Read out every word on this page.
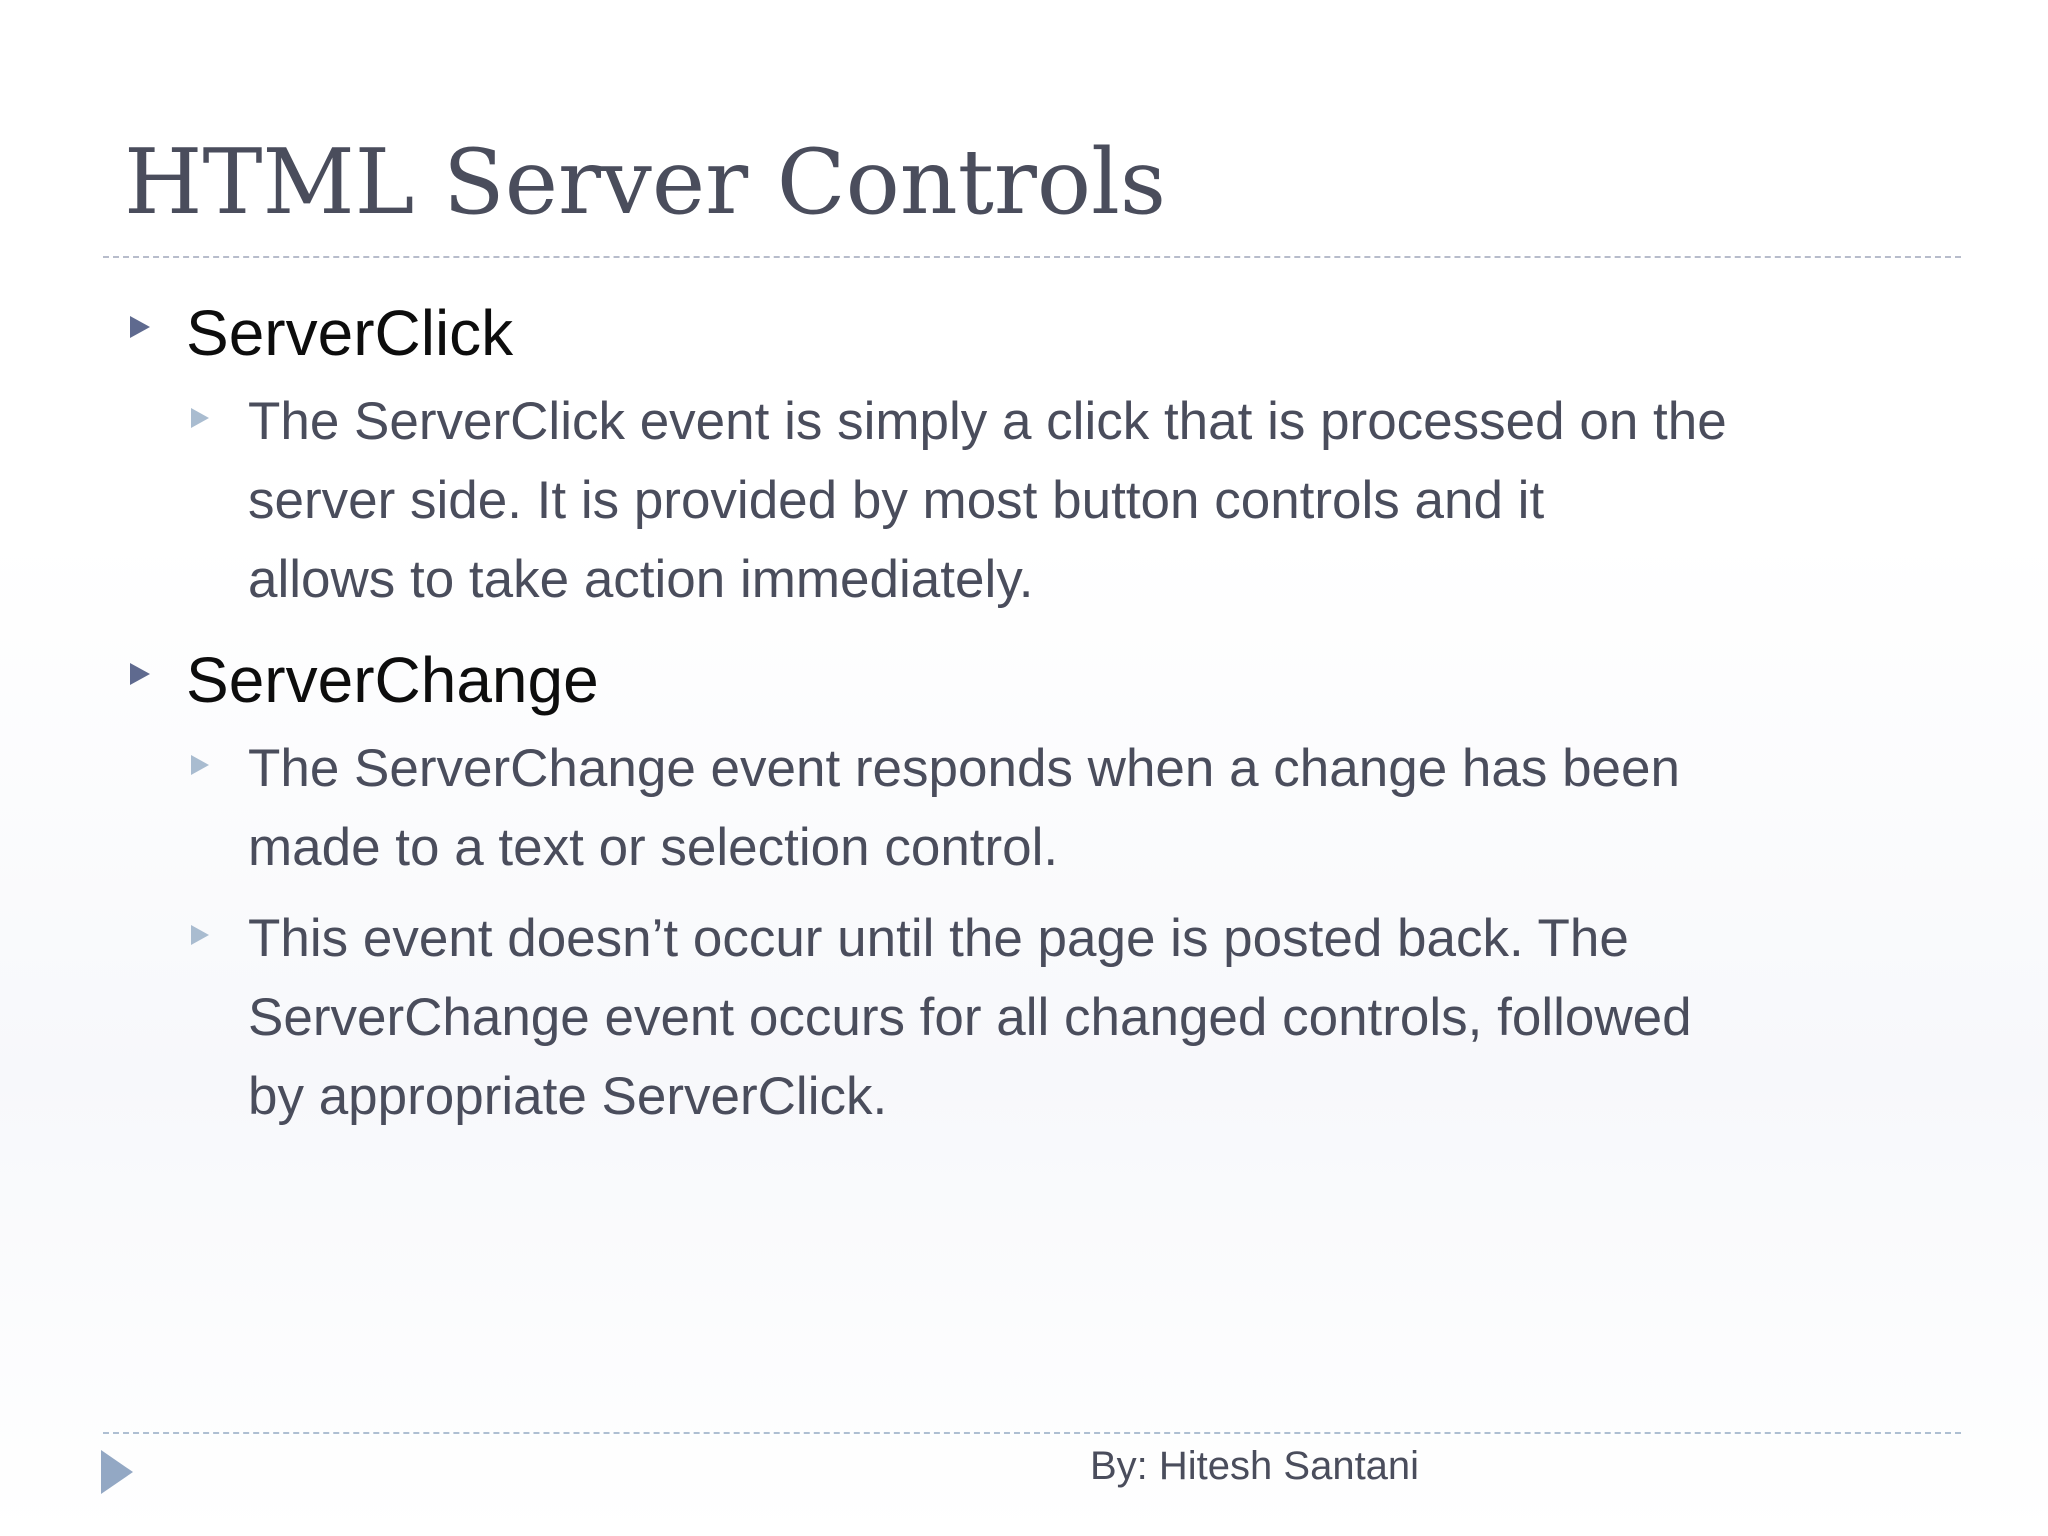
HTML Server Controls
ServerClick
The ServerClick event is simply a click that is processed on the
server side. It is provided by most button controls and it
allows to take action immediately.
ServerChange
The ServerChange event responds when a change has been
made to a text or selection control.
This event doesn’t occur until the page is posted back. The
ServerChange event occurs for all changed controls, followed
by appropriate ServerClick.
By: Hitesh Santani
